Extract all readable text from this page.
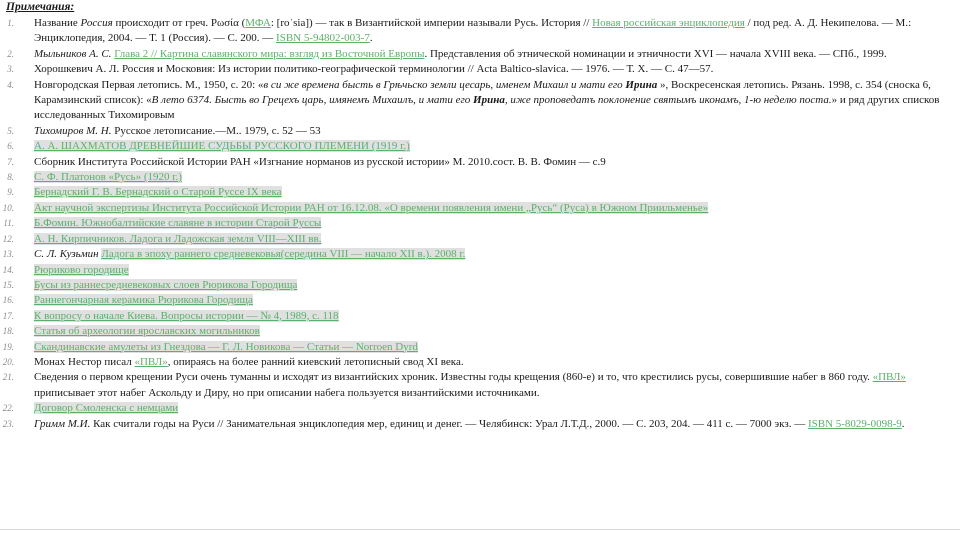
Примечания:
1. Название Россия происходит от греч. Ρωσία (МФА: [roˈsia]) — так в Византийской империи называли Русь. История // Новая российская энциклопедия / под ред. А. Д. Некипелова. — М.: Энциклопедия, 2004. — Т. 1 (Россия). — С. 200. — ISBN 5-94802-003-7.
2. Мыльников А. С. Глава 2 // Картина славянского мира: взгляд из Восточной Европы. Представления об этнической номинации и этничности XVI — начала XVIII века. — СПб., 1999.
3. Хорошкевич А. Л. Россия и Московия: Из истории политико-географической терминологии // Acta Baltico-slavica. — 1976. — Т. X. — С. 47—57.
4. Новгородская Первая летопись. М., 1950, с. 20: «в си же времена бысть в Грѣчьско земли цесарь, именем Михаил и мати его Ирина », Воскресенская летопись. Рязань. 1998, с. 354 (сноска 6, Карамзинский список): «В лето 6374. Бысть во Грецехъ царь, имянемъ Михаилъ, и мати его Ирина, иже проповедатъ поклонение святымъ иконамъ, 1-ю неделю поста.» и ряд других списков исследованных Тихомировым
5. Тихомиров М. Н. Русское летописание.—М.. 1979, с. 52 — 53
6. А. А. ШАХМАТОВ ДРЕВНЕЙШИЕ СУДЬБЫ РУССКОГО ПЛЕМЕНИ (1919 г.)
7. Сборник Института Российской Истории РАН «Изгнание норманов из русской истории» М. 2010.сост. В. В. Фомин — с.9
8. С. Ф. Платонов «Русь» (1920 г.)
9. Бернадский Г. В. Бернадский о Старой Руссе IX века
10. Акт научной экспертизы Института Российской Истории РАН от 16.12.08. «О времени появления имени „Русь“ (Руса) в Южном Приильменье»
11. Б.Фомин. Южнобалтийские славяне в истории Старой Руссы
12. А. Н. Кирпичников. Ладога и Ладожская земля VIII—XIII вв.
13. С. Л. Кузьмин Ладога в эпоху раннего средневековья(середина VIII — начало XII в.). 2008 г.
14. Рюриково городище
15. Бусы из раннесредневековых слоев Рюрикова Городища
16. Раннегончарная керамика Рюрикова Городища
17. К вопросу о начале Киева. Вопросы истории — № 4, 1989, с. 118
18. Статья об археологии ярославских могильников
19. Скандинавские амулеты из Гнездова — Г. Л. Новикова — Статьи — Norroen Dyrd
20. Монах Нестор писал «ПВЛ», опираясь на более ранний киевский летописный свод XI века.
21. Сведения о первом крещении Руси очень туманны и исходят из византийских хроник. Известны годы крещения (860-е) и то, что крестились русы, совершившие набег в 860 году. «ПВЛ» приписывает этот набег Аскольду и Диру, но при описании набега пользуется византийскими источниками.
22. Договор Смоленска с немцами
23. Гримм М.И. Как считали годы на Руси // Занимательная энциклопедия мер, единиц и денег. — Челябинск: Урал Л.Т.Д., 2000. — С. 203, 204. — 411 с. — 7000 экз. — ISBN 5-8029-0098-9.
